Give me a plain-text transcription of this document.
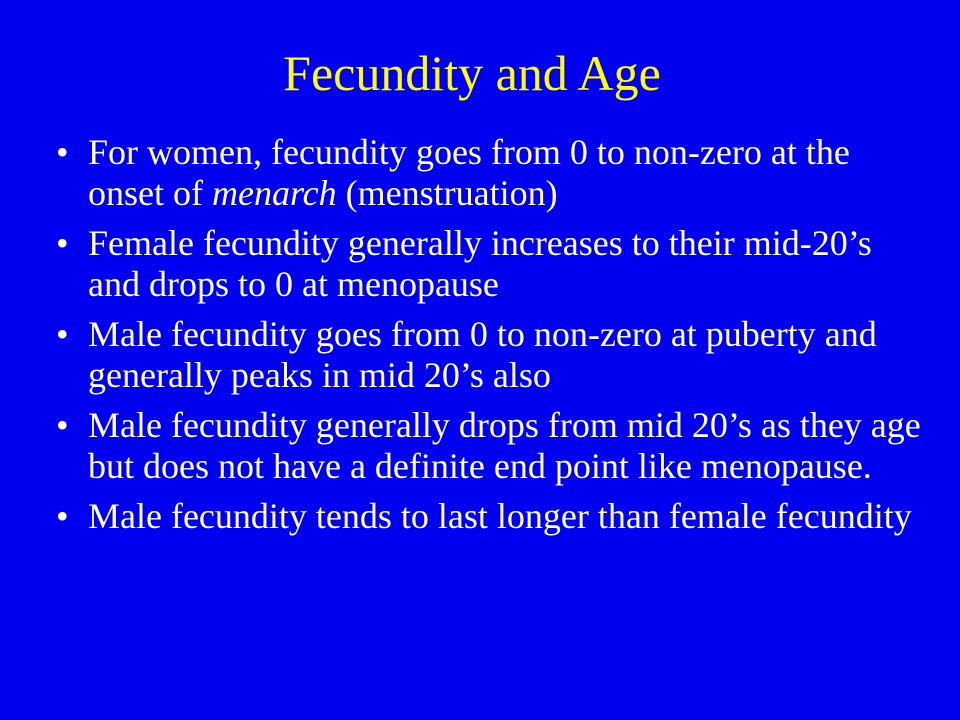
Fecundity and Age
• For women, fecundity goes from 0 to non-zero at the onset of menarch (menstruation)
• Female fecundity generally increases to their mid-20’s and drops to 0 at menopause
• Male fecundity goes from 0 to non-zero at puberty and generally peaks in mid 20’s also
• Male fecundity generally drops from mid 20’s as they age but does not have a definite end point like menopause.
• Male fecundity tends to last longer than female fecundity
